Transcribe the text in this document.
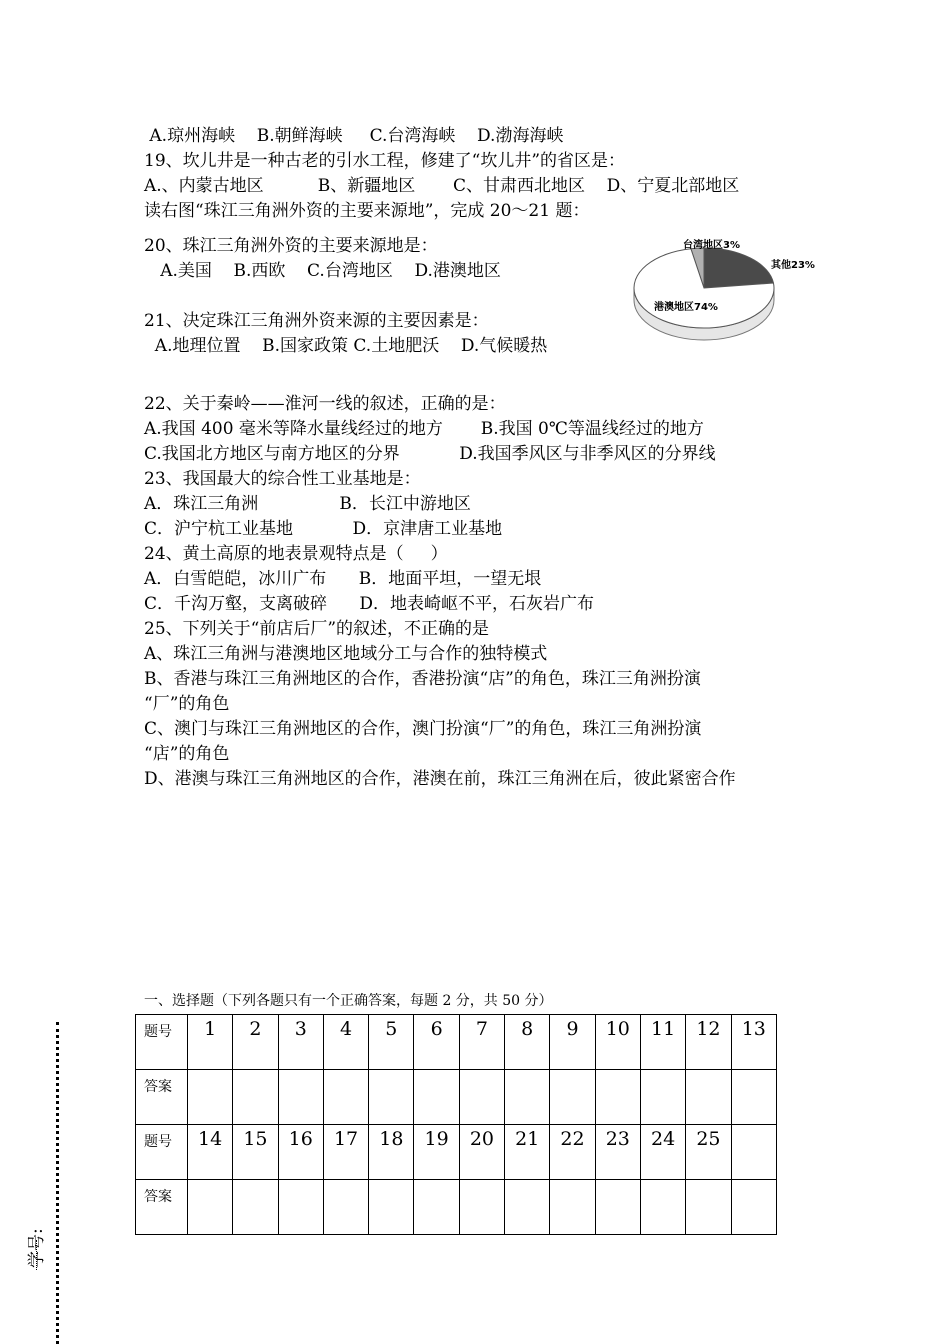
A.琼州海峡    B.朝鲜海峡     C.台湾海峡    D.渤海海峡
19、坎儿井是一种古老的引水工程，修建了“坎儿井”的省区是：
A.、内蒙古地区          B、新疆地区       C、甘肃西北地区    D、宁夏北部地区
读右图“珠江三角洲外资的主要来源地”，完成 20～21 题：
20、珠江三角洲外资的主要来源地是：
A.美国    B.西欧    C.台湾地区    D.港澳地区
21、决定珠江三角洲外资来源的主要因素是：
A.地理位置    B.国家政策 C.土地肥沃    D.气候暖热
22、关于秦岭——淮河一线的叙述，正确的是：
A.我国 400 毫米等降水量线经过的地方       B.我国 0℃等温线经过的地方
C.我国北方地区与南方地区的分界           D.我国季风区与非季风区的分界线
23、我国最大的综合性工业基地是：
A．珠江三角洲               B．长江中游地区
C．沪宁杭工业基地           D．京津唐工业基地
24、黄土高原的地表景观特点是（     ）
A．白雪皑皑，冰川广布      B．地面平坦，一望无垠
C．千沟万壑，支离破碎      D．地表崎岖不平，石灰岩广布
25、下列关于“前店后厂”的叙述，不正确的是
A、珠江三角洲与港澳地区地域分工与合作的独特模式
B、香港与珠江三角洲地区的合作，香港扮演“店”的角色，珠江三角洲扮演
“厂”的角色
C、澳门与珠江三角洲地区的合作，澳门扮演“厂”的角色，珠江三角洲扮演
“店”的角色
D、港澳与珠江三角洲地区的合作，港澳在前，珠江三角洲在后，彼此紧密合作
港澳地区74%
台湾地区3%
其他23%
一、选择题（下列各题只有一个正确答案，每题 2 分，共 50 分）
题号	1	2	3	4	5	6	7	8	9	10	11	12	13
答案													
题号	14	15	16	17	18	19	20	21	22	23	24	25	
答案													
学号:
